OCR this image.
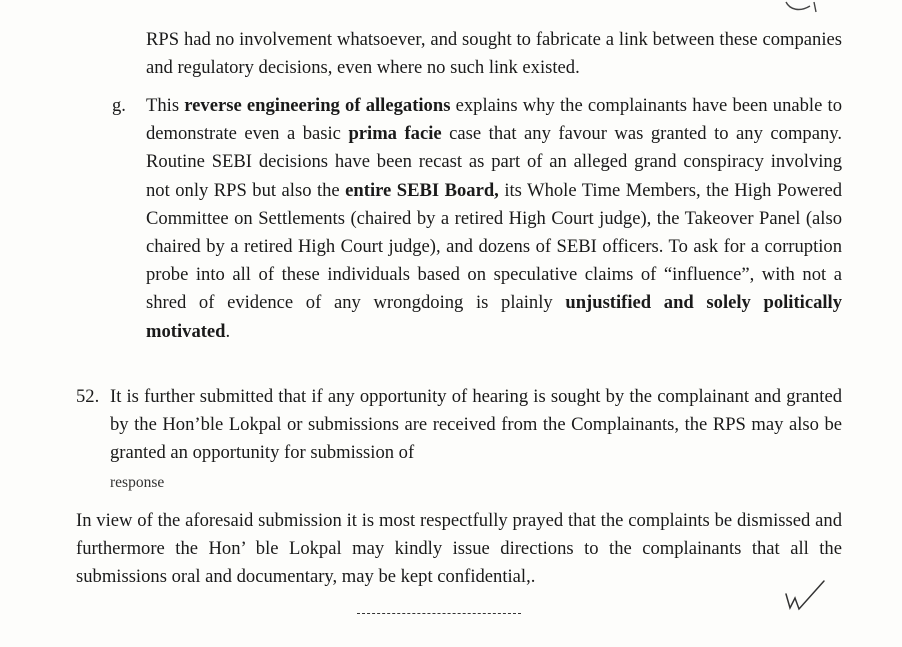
RPS had no involvement whatsoever, and sought to fabricate a link between these companies and regulatory decisions, even where no such link existed.

g. This reverse engineering of allegations explains why the complainants have been unable to demonstrate even a basic prima facie case that any favour was granted to any company. Routine SEBI decisions have been recast as part of an alleged grand conspiracy involving not only RPS but also the entire SEBI Board, its Whole Time Members, the High Powered Committee on Settlements (chaired by a retired High Court judge), the Takeover Panel (also chaired by a retired High Court judge), and dozens of SEBI officers. To ask for a corruption probe into all of these individuals based on speculative claims of “influence”, with not a shred of evidence of any wrongdoing is plainly unjustified and solely politically motivated.

52. It is further submitted that if any opportunity of hearing is sought by the complainant and granted by the Hon’ble Lokpal or submissions are received from the Complainants, the RPS may also be granted an opportunity for submission of
response

In view of the aforesaid submission it is most respectfully prayed that the complaints be dismissed and furthermore the Hon’ ble Lokpal may kindly issue directions to the complainants that all the submissions oral and documentary, may be kept confidential,.
